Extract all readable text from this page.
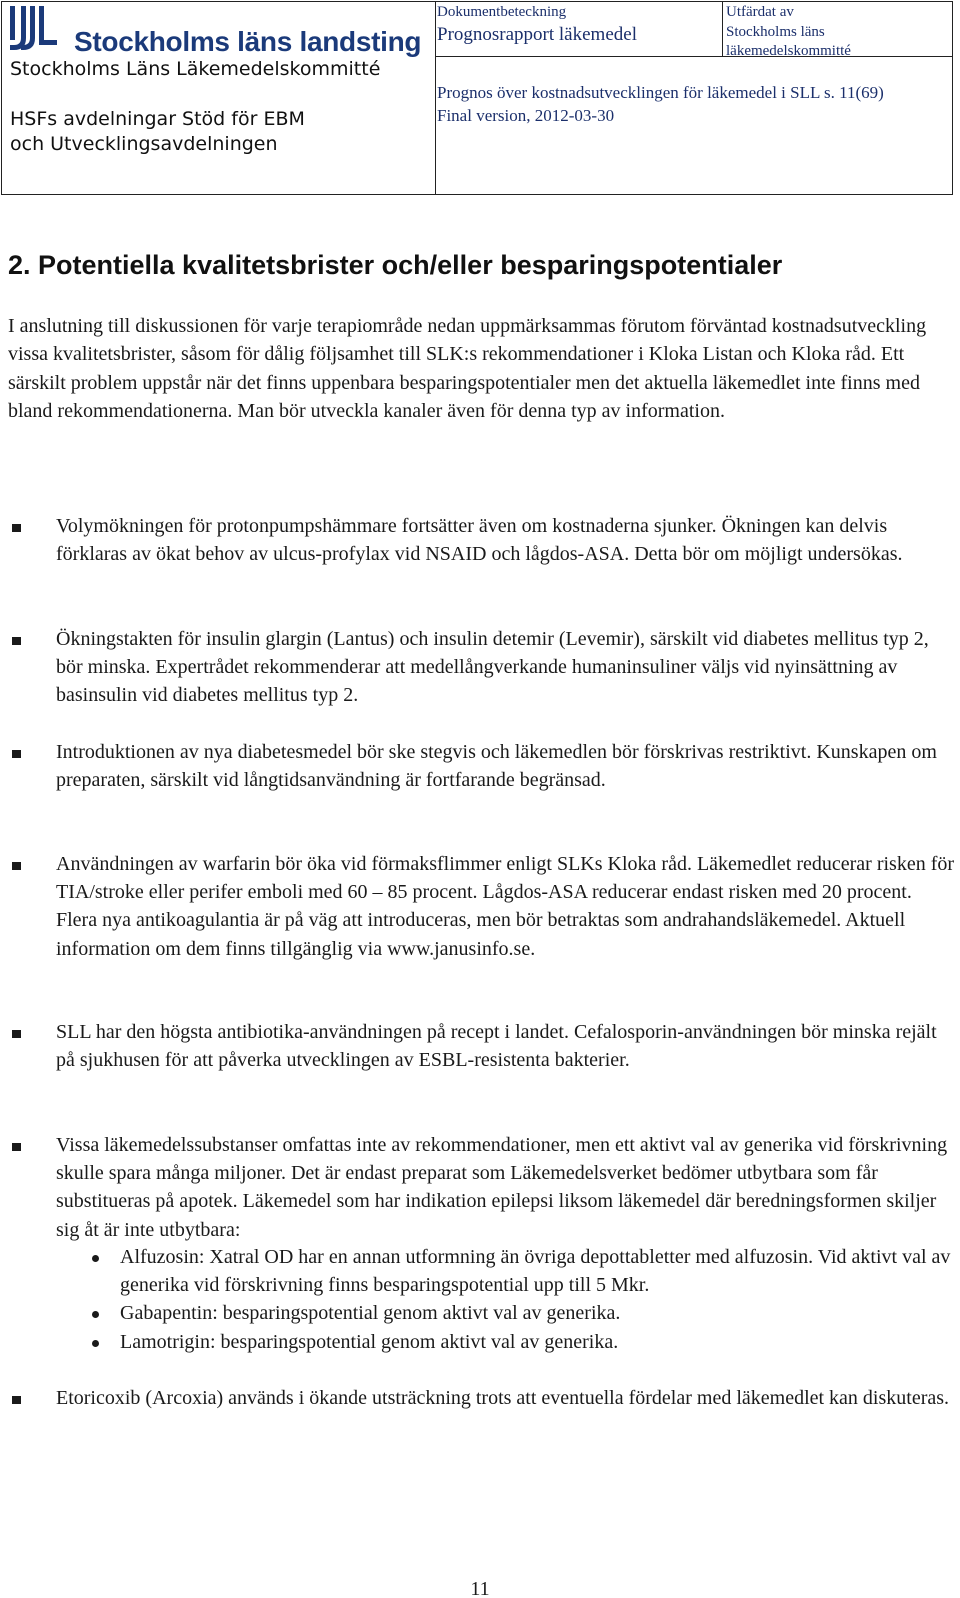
Stockholms läns landsting
Stockholms Läns Läkemedelskommitté
HSFs avdelningar Stöd för EBM
och Utvecklingsavdelningen
Dokumentbeteckning
Prognosrapport läkemedel
Utfärdat av
Stockholms läns
läkemedelskommitté
Prognos över kostnadsutvecklingen för läkemedel i SLL s. 11(69)
Final version, 2012-03-30
2. Potentiella kvalitetsbrister och/eller besparingspotentialer

I anslutning till diskussionen för varje terapiområde nedan uppmärksammas förutom förväntad kostnadsutveckling vissa kvalitetsbrister, såsom för dålig följsamhet till SLK:s rekommendationer i Kloka Listan och Kloka råd. Ett särskilt problem uppstår när det finns uppenbara besparingspotentialer men det aktuella läkemedlet inte finns med bland rekommendationerna. Man bör utveckla kanaler även för denna typ av information.

Volymökningen för protonpumpshämmare fortsätter även om kostnaderna sjunker. Ökningen kan delvis förklaras av ökat behov av ulcus-profylax vid NSAID och lågdos-ASA. Detta bör om möjligt undersökas.
Ökningstakten för insulin glargin (Lantus) och insulin detemir (Levemir), särskilt vid diabetes mellitus typ 2, bör minska. Expertrådet rekommenderar att medellångverkande humaninsuliner väljs vid nyinsättning av basinsulin vid diabetes mellitus typ 2.
Introduktionen av nya diabetesmedel bör ske stegvis och läkemedlen bör förskrivas restriktivt. Kunskapen om preparaten, särskilt vid långtidsanvändning är fortfarande begränsad.
Användningen av warfarin bör öka vid förmaksflimmer enligt SLKs Kloka råd. Läkemedlet reducerar risken för TIA/stroke eller perifer emboli med 60 – 85 procent. Lågdos-ASA reducerar endast risken med 20 procent. Flera nya antikoagulantia är på väg att introduceras, men bör betraktas som andrahandsläkemedel. Aktuell information om dem finns tillgänglig via www.janusinfo.se.
SLL har den högsta antibiotika-användningen på recept i landet. Cefalosporin-användningen bör minska rejält på sjukhusen för att påverka utvecklingen av ESBL-resistenta bakterier.
Vissa läkemedelssubstanser omfattas inte av rekommendationer, men ett aktivt val av generika vid förskrivning skulle spara många miljoner. Det är endast preparat som Läkemedelsverket bedömer utbytbara som får substitueras på apotek. Läkemedel som har indikation epilepsi liksom läkemedel där beredningsformen skiljer sig åt är inte utbytbara:
Alfuzosin: Xatral OD har en annan utformning än övriga depottabletter med alfuzosin. Vid aktivt val av generika vid förskrivning finns besparingspotential upp till 5 Mkr.
Gabapentin: besparingspotential genom aktivt val av generika.
Lamotrigin: besparingspotential genom aktivt val av generika.
Etoricoxib (Arcoxia) används i ökande utsträckning trots att eventuella fördelar med läkemedlet kan diskuteras.
11
